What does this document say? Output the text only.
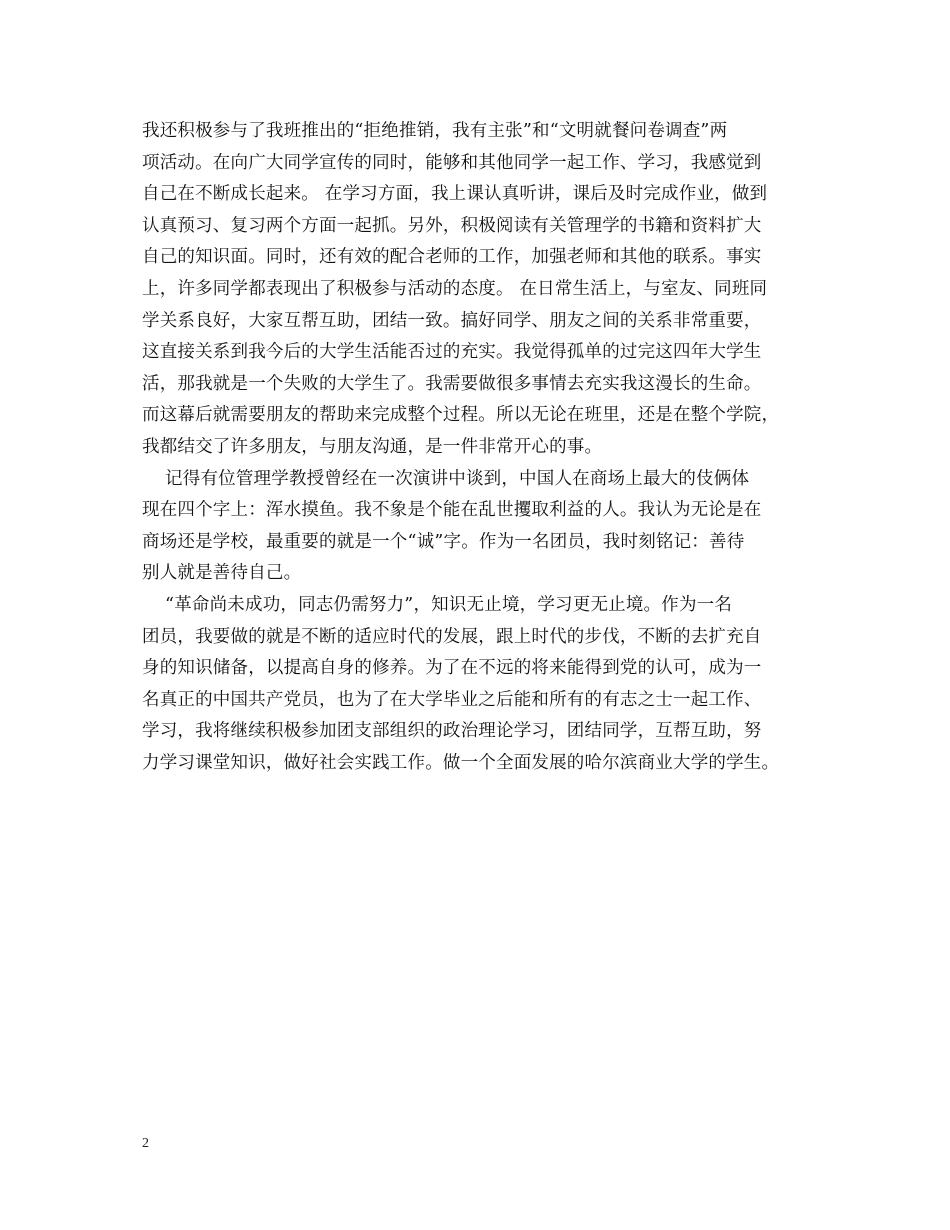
我还积极参与了我班推出的“拒绝推销，我有主张”和“文明就餐问卷调查”两
项活动。在向广大同学宣传的同时，能够和其他同学一起工作、学习，我感觉到
自己在不断成长起来。 在学习方面，我上课认真听讲，课后及时完成作业，做到
认真预习、复习两个方面一起抓。另外，积极阅读有关管理学的书籍和资料扩大
自己的知识面。同时，还有效的配合老师的工作，加强老师和其他的联系。事实
上，许多同学都表现出了积极参与活动的态度。 在日常生活上，与室友、同班同
学关系良好，大家互帮互助，团结一致。搞好同学、朋友之间的关系非常重要，
这直接关系到我今后的大学生活能否过的充实。我觉得孤单的过完这四年大学生
活，那我就是一个失败的大学生了。我需要做很多事情去充实我这漫长的生命。
而这幕后就需要朋友的帮助来完成整个过程。所以无论在班里，还是在整个学院，
我都结交了许多朋友，与朋友沟通，是一件非常开心的事。
记得有位管理学教授曾经在一次演讲中谈到，中国人在商场上最大的伎俩体
现在四个字上：浑水摸鱼。我不象是个能在乱世攫取利益的人。我认为无论是在
商场还是学校，最重要的就是一个“诚”字。作为一名团员，我时刻铭记：善待
别人就是善待自己。
“革命尚未成功，同志仍需努力”，知识无止境，学习更无止境。作为一名
团员，我要做的就是不断的适应时代的发展，跟上时代的步伐，不断的去扩充自
身的知识储备，以提高自身的修养。为了在不远的将来能得到党的认可，成为一
名真正的中国共产党员，也为了在大学毕业之后能和所有的有志之士一起工作、
学习，我将继续积极参加团支部组织的政治理论学习，团结同学，互帮互助，努
力学习课堂知识，做好社会实践工作。做一个全面发展的哈尔滨商业大学的学生。
2
